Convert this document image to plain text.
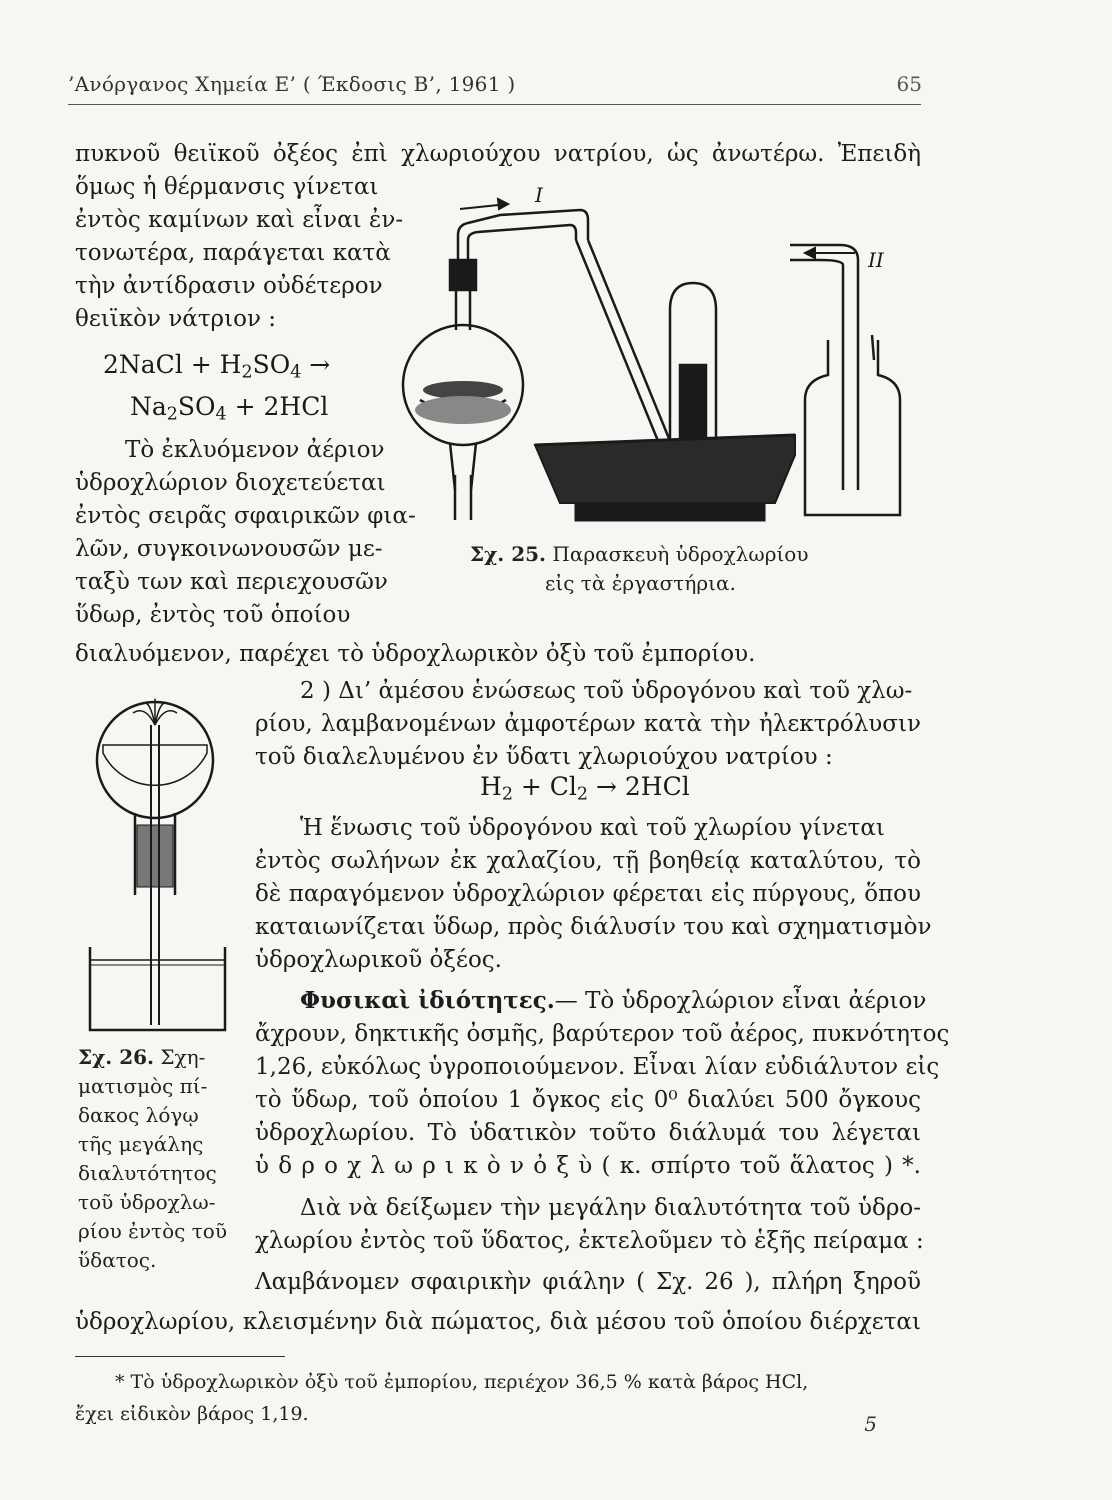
’Ανόργανος Χημεία Ε’ ( Έκδοσις Β’, 1961 )	65
πυκνοῦ θειϊκοῦ ὀξέος ἐπὶ χλωριούχου νατρίου, ὡς ἀνωτέρω. Ἐπειδὴ
ὅμως ἡ θέρμανσις γίνεται
ἐντὸς καμίνων καὶ εἶναι ἐν-
τονωτέρα, παράγεται κατὰ
τὴν ἀντίδρασιν οὐδέτερον
θειϊκὸν νάτριον :
2NaCl + $H_2SO_4$ →
$Na_2SO_4 + 2HCl$
Τὸ ἐκλυόμενον ἀέριον
ὑδροχλώριον διοχετεύεται
ἐντὸς σειρᾶς σφαιρικῶν φια-
λῶν, συγκοινωνουσῶν με-
ταξὺ των καὶ περιεχουσῶν
ὕδωρ, ἐντὸς τοῦ ὁποίου
διαλυόμενον, παρέχει τὸ ὑδροχλωρικὸν ὀξὺ τοῦ ἐμπορίου.
I
II
Σχ. 25. Παρασκευὴ ὑδροχλωρίου
εἰς τὰ ἐργαστήρια.
2 ) Δι’ ἀμέσου ἑνώσεως τοῦ ὑδρογόνου καὶ τοῦ χλω-
ρίου, λαμβανομένων ἀμφοτέρων κατὰ τὴν ἠλεκτρόλυσιν
τοῦ διαλελυμένου ἐν ὕδατι χλωριούχου νατρίου :
$H_2 + Cl_2 \to 2HCl$
Σχ. 26. Σχη-
ματισμὸς πί-
δακος λόγῳ
τῆς μεγάλης
διαλυτότητος
τοῦ ὑδροχλω-
ρίου ἐντὸς τοῦ
ὕδατος.
Ἡ ἕνωσις τοῦ ὑδρογόνου καὶ τοῦ χλωρίου γίνεται
ἐντὸς σωλήνων ἐκ χαλαζίου, τῇ βοηθείᾳ καταλύτου, τὸ
δὲ παραγόμενον ὑδροχλώριον φέρεται εἰς πύργους, ὅπου
καταιωνίζεται ὕδωρ, πρὸς διάλυσίν του καὶ σχηματισμὸν
ὑδροχλωρικοῦ ὀξέος.
Φυσικαὶ ἰδιότητες.— Τὸ ὑδροχλώριον εἶναι ἀέριον
ἄχρουν, δηκτικῆς ὀσμῆς, βαρύτερον τοῦ ἀέρος, πυκνότητος
1,26, εὐκόλως ὑγροποιούμενον. Εἶναι λίαν εὐδιάλυτον εἰς
τὸ ὕδωρ, τοῦ ὁποίου 1 ὄγκος εἰς 0⁰ διαλύει 500 ὄγκους
ὑδροχλωρίου. Τὸ ὑδατικὸν τοῦτο διάλυμά του λέγεται
ὑ δ ρ ο χ λ ω ρ ι κ ὸ ν ὀ ξ ὺ ( κ. σπίρτο τοῦ ἅλατος ) *.
Διὰ νὰ δείξωμεν τὴν μεγάλην διαλυτότητα τοῦ ὑδρο-
χλωρίου ἐντὸς τοῦ ὕδατος, ἐκτελοῦμεν τὸ ἑξῆς πείραμα :
Λαμβάνομεν σφαιρικὴν φιάλην ( Σχ. 26 ), πλήρη ξηροῦ
ὑδροχλωρίου, κλεισμένην διὰ πώματος, διὰ μέσου τοῦ ὁποίου διέρχεται
* Τὸ ὑδροχλωρικὸν ὀξὺ τοῦ ἐμπορίου, περιέχον 36,5 % κατὰ βάρος HCl,
ἔχει εἰδικὸν βάρος 1,19.	5
